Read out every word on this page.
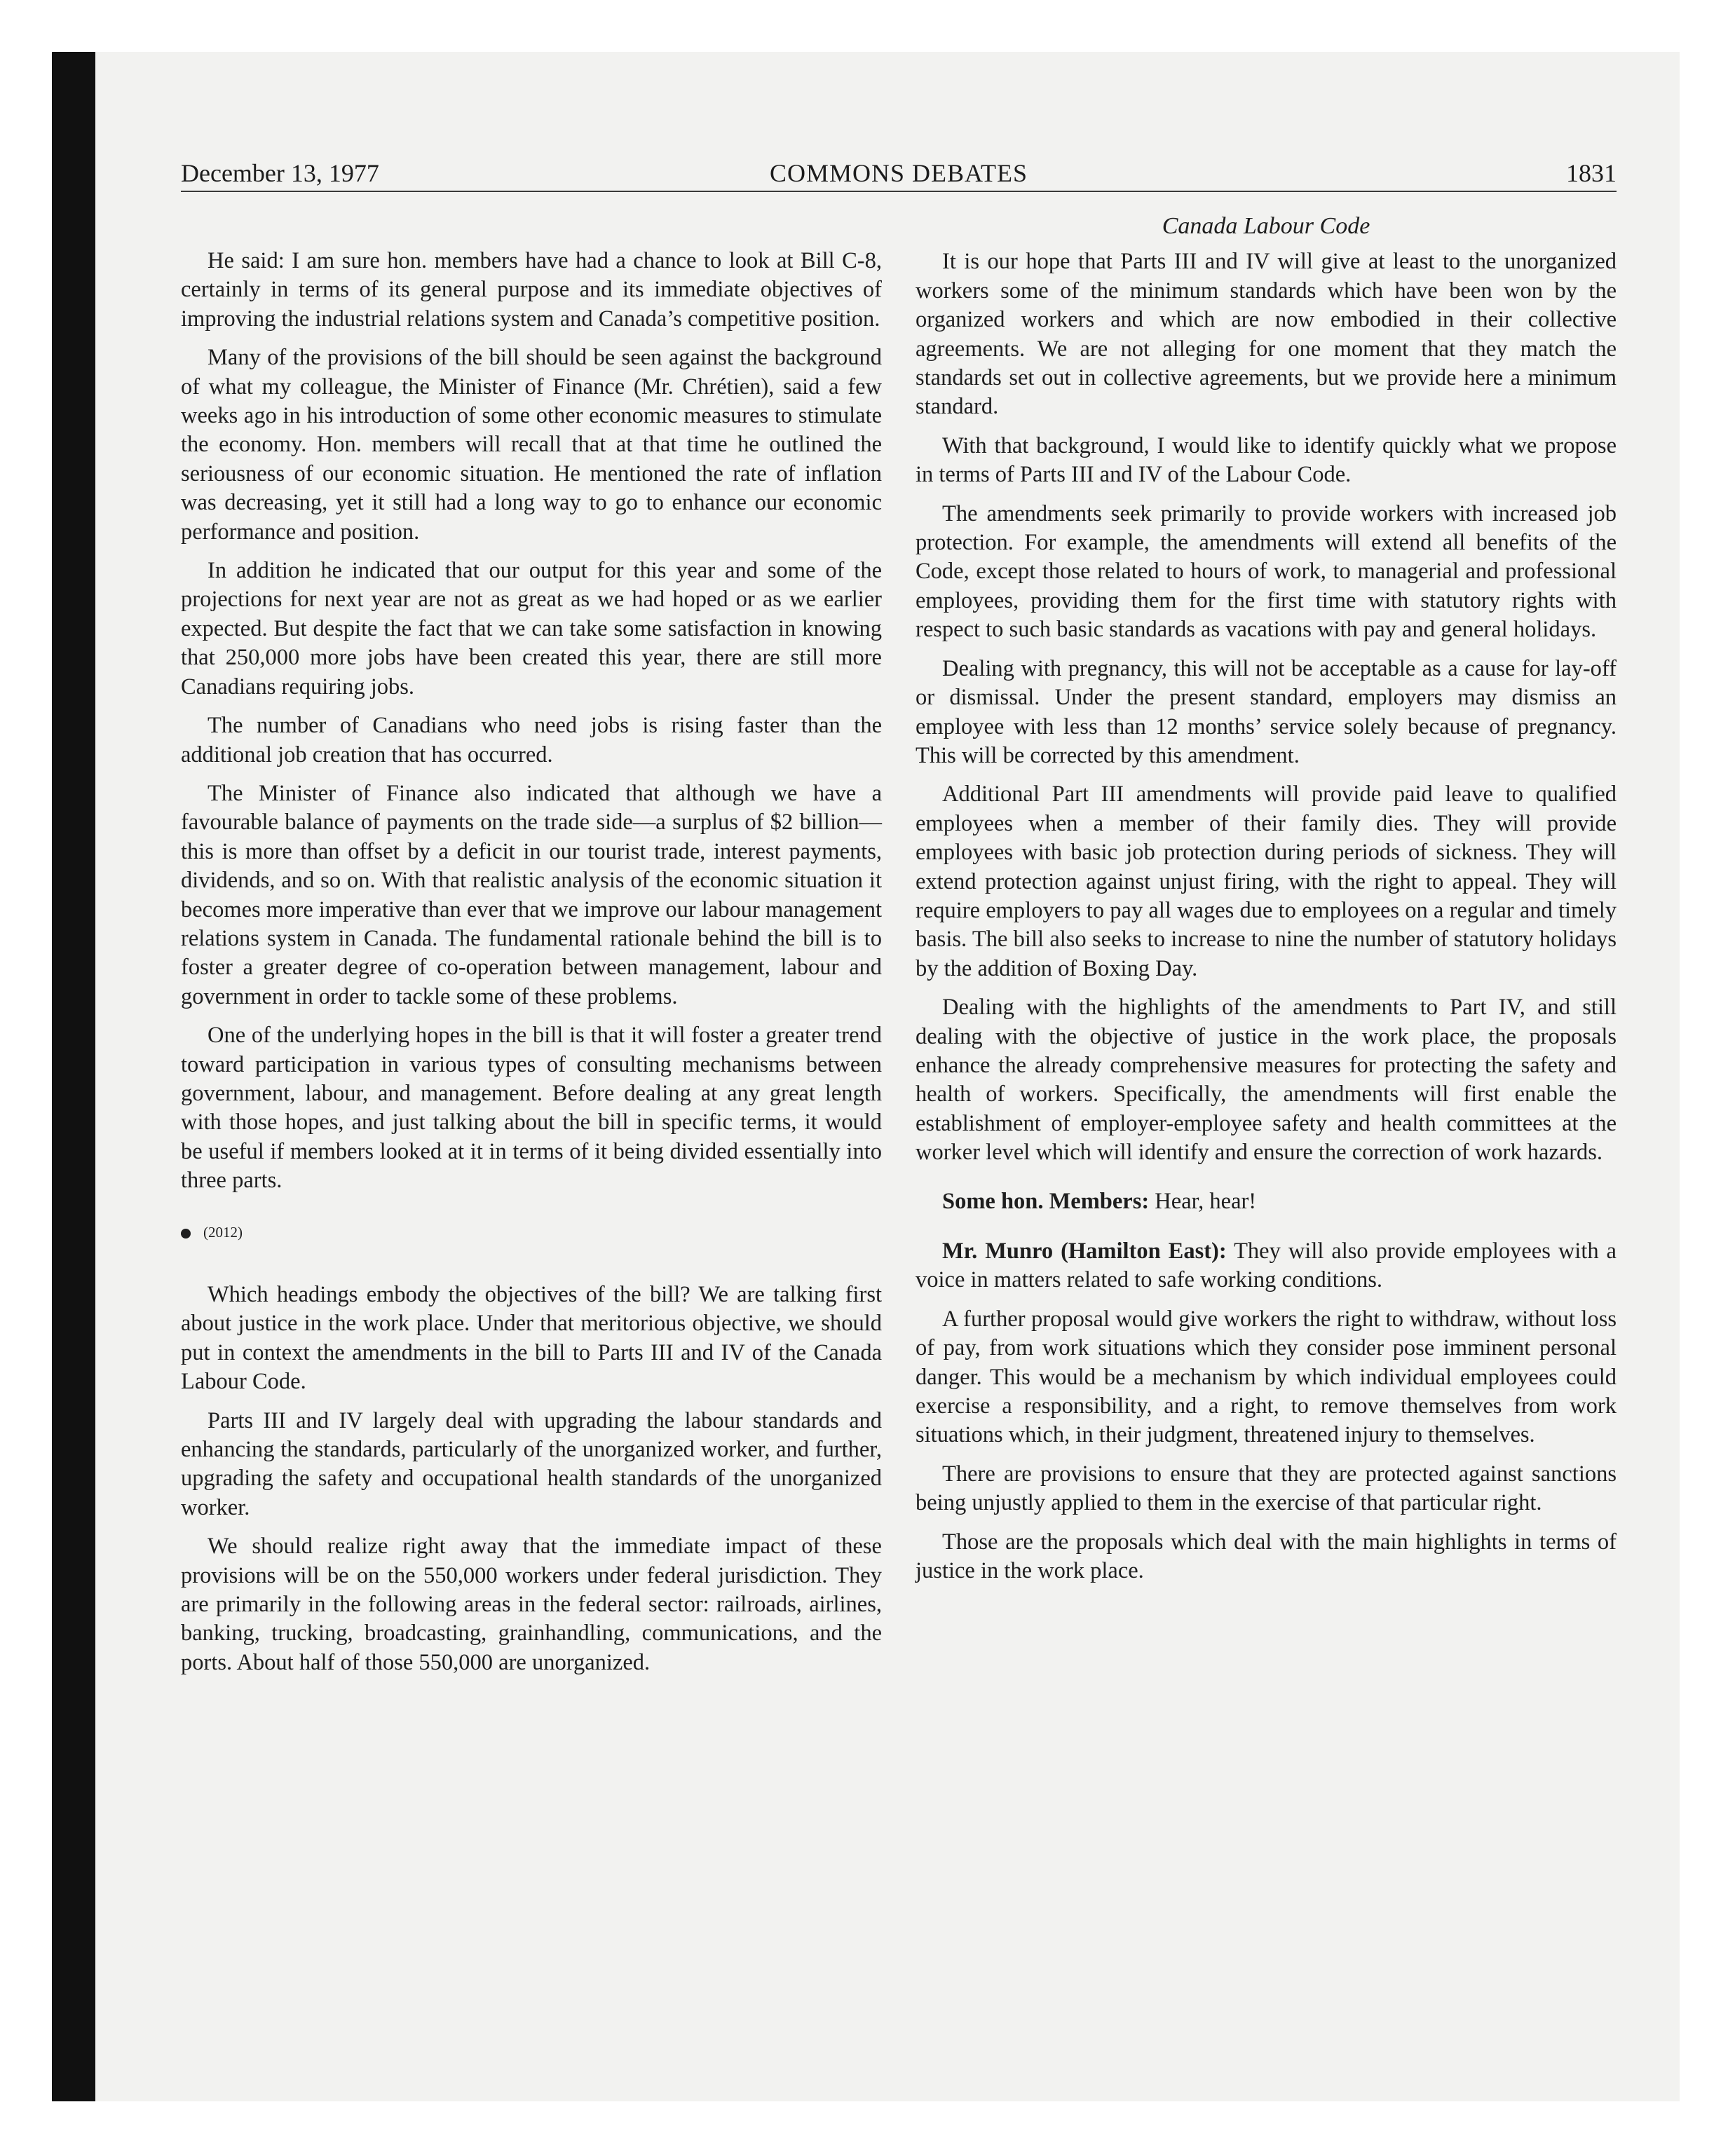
December 13, 1977	COMMONS DEBATES	1831

He said: I am sure hon. members have had a chance to look at Bill C-8, certainly in terms of its general purpose and its immediate objectives of improving the industrial relations system and Canada’s competitive position.

Many of the provisions of the bill should be seen against the background of what my colleague, the Minister of Finance (Mr. Chrétien), said a few weeks ago in his introduction of some other economic measures to stimulate the economy. Hon. members will recall that at that time he outlined the seriousness of our economic situation. He mentioned the rate of inflation was decreasing, yet it still had a long way to go to enhance our economic performance and position.

In addition he indicated that our output for this year and some of the projections for next year are not as great as we had hoped or as we earlier expected. But despite the fact that we can take some satisfaction in knowing that 250,000 more jobs have been created this year, there are still more Canadians requiring jobs.

The number of Canadians who need jobs is rising faster than the additional job creation that has occurred.

The Minister of Finance also indicated that although we have a favourable balance of payments on the trade side—a surplus of $2 billion—this is more than offset by a deficit in our tourist trade, interest payments, dividends, and so on. With that realistic analysis of the economic situation it becomes more imperative than ever that we improve our labour management relations system in Canada. The fundamental rationale behind the bill is to foster a greater degree of co-operation between management, labour and government in order to tackle some of these problems.

One of the underlying hopes in the bill is that it will foster a greater trend toward participation in various types of consulting mechanisms between government, labour, and management. Before dealing at any great length with those hopes, and just talking about the bill in specific terms, it would be useful if members looked at it in terms of it being divided essentially into three parts.

(2012)

Which headings embody the objectives of the bill? We are talking first about justice in the work place. Under that meritorious objective, we should put in context the amendments in the bill to Parts III and IV of the Canada Labour Code.

Parts III and IV largely deal with upgrading the labour standards and enhancing the standards, particularly of the unorganized worker, and further, upgrading the safety and occupational health standards of the unorganized worker.

We should realize right away that the immediate impact of these provisions will be on the 550,000 workers under federal jurisdiction. They are primarily in the following areas in the federal sector: railroads, airlines, banking, trucking, broadcasting, grainhandling, communications, and the ports. About half of those 550,000 are unorganized.

Canada Labour Code

It is our hope that Parts III and IV will give at least to the unorganized workers some of the minimum standards which have been won by the organized workers and which are now embodied in their collective agreements. We are not alleging for one moment that they match the standards set out in collective agreements, but we provide here a minimum standard.

With that background, I would like to identify quickly what we propose in terms of Parts III and IV of the Labour Code.

The amendments seek primarily to provide workers with increased job protection. For example, the amendments will extend all benefits of the Code, except those related to hours of work, to managerial and professional employees, providing them for the first time with statutory rights with respect to such basic standards as vacations with pay and general holidays.

Dealing with pregnancy, this will not be acceptable as a cause for lay-off or dismissal. Under the present standard, employers may dismiss an employee with less than 12 months’ service solely because of pregnancy. This will be corrected by this amendment.

Additional Part III amendments will provide paid leave to qualified employees when a member of their family dies. They will provide employees with basic job protection during periods of sickness. They will extend protection against unjust firing, with the right to appeal. They will require employers to pay all wages due to employees on a regular and timely basis. The bill also seeks to increase to nine the number of statutory holidays by the addition of Boxing Day.

Dealing with the highlights of the amendments to Part IV, and still dealing with the objective of justice in the work place, the proposals enhance the already comprehensive measures for protecting the safety and health of workers. Specifically, the amendments will first enable the establishment of employer-employee safety and health committees at the worker level which will identify and ensure the correction of work hazards.

Some hon. Members: Hear, hear!

Mr. Munro (Hamilton East): They will also provide employees with a voice in matters related to safe working conditions.

A further proposal would give workers the right to withdraw, without loss of pay, from work situations which they consider pose imminent personal danger. This would be a mechanism by which individual employees could exercise a responsibility, and a right, to remove themselves from work situations which, in their judgment, threatened injury to themselves.

There are provisions to ensure that they are protected against sanctions being unjustly applied to them in the exercise of that particular right.

Those are the proposals which deal with the main highlights in terms of justice in the work place.
